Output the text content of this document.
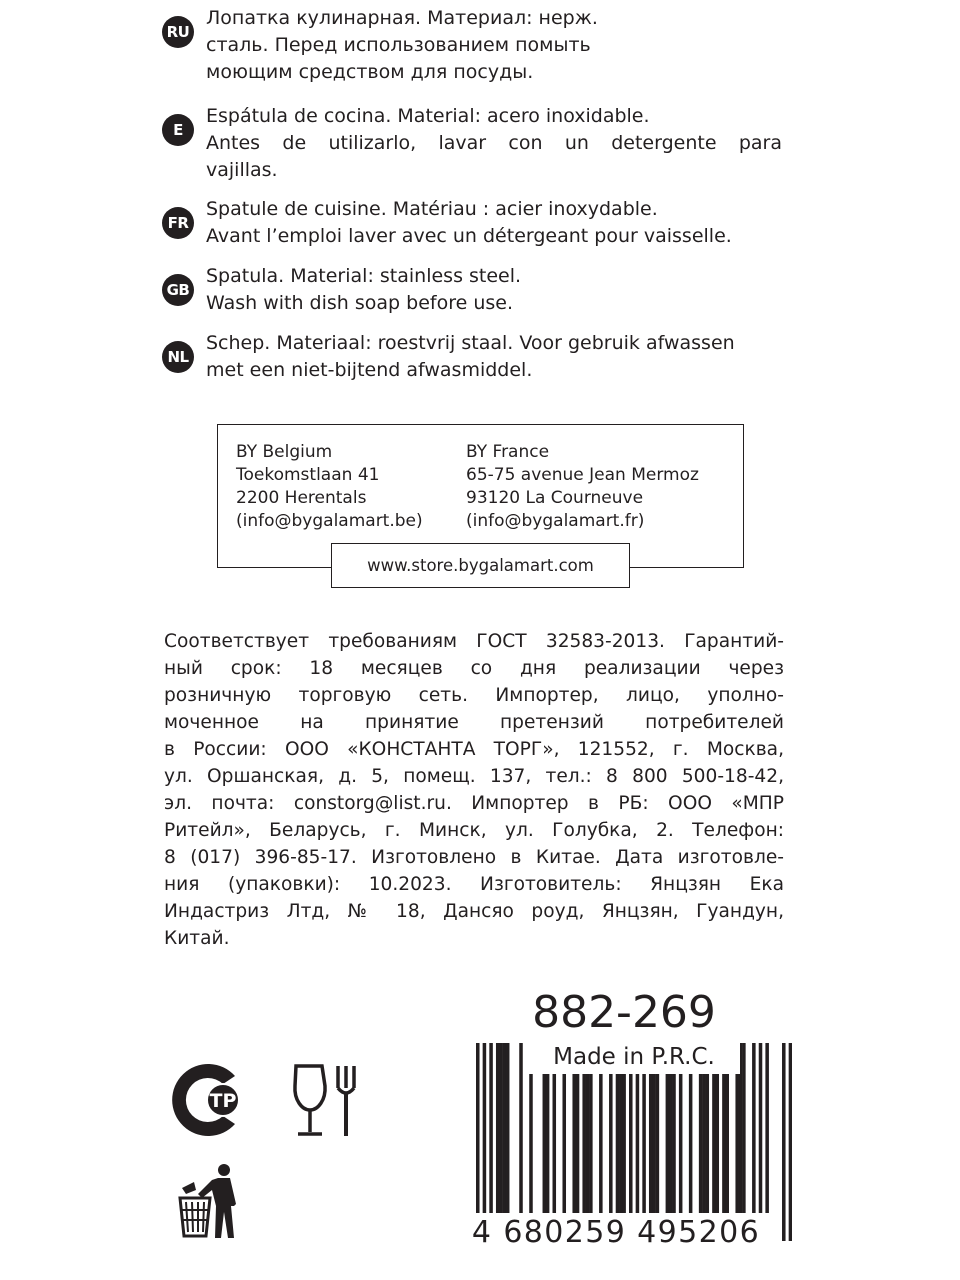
RU

Лопатка кулинарная. Материал: нерж.
сталь. Перед использованием помыть
моющим средством для посуды.

E

Espátula de cocina. Material: acero inoxidable.
Antes de utilizarlo, lavar con un detergente para
vajillas.

FR

Spatule de cuisine. Matériau : acier inoxydable.
Avant l’emploi laver avec un détergeant pour vaisselle.

GB

Spatula. Material: stainless steel.
Wash with dish soap before use.

NL

Schep. Materiaal: roestvrij staal. Voor gebruik afwassen
met een niet-bijtend afwasmiddel.

BY Belgium
Toekomstlaan 41
2200 Herentals
(info@bygalamart.be)
BY France
65-75 avenue Jean Mermoz
93120 La Courneuve
(info@bygalamart.fr)
www.store.bygalamart.com
Соответствует требованиям ГОСТ 32583-2013. Гарантий-
ный срок: 18 месяцев со дня реализации через
розничную торговую сеть. Импортер, лицо, уполно-
моченное на принятие претензий потребителей
в России: ООО «КОНСТАНТА ТОРГ», 121552, г. Москва,
ул. Оршанская, д. 5, помещ. 137, тел.: 8 800 500-18-42,
эл. почта: constorg@list.ru. Импортер в РБ: ООО «МПР
Ритейл», Беларусь, г. Минск, ул. Голубка, 2. Телефон:
8 (017) 396-85-17. Изготовлено в Китае. Дата изготовле-
ния (упаковки): 10.2023. Изготовитель: Янцзян Ека
Индастриз Лтд, № 18, Дансяо роуд, Янцзян, Гуандун,
Китай.
ТР
882-269
Made in P.R.C.
4 680259 495206
